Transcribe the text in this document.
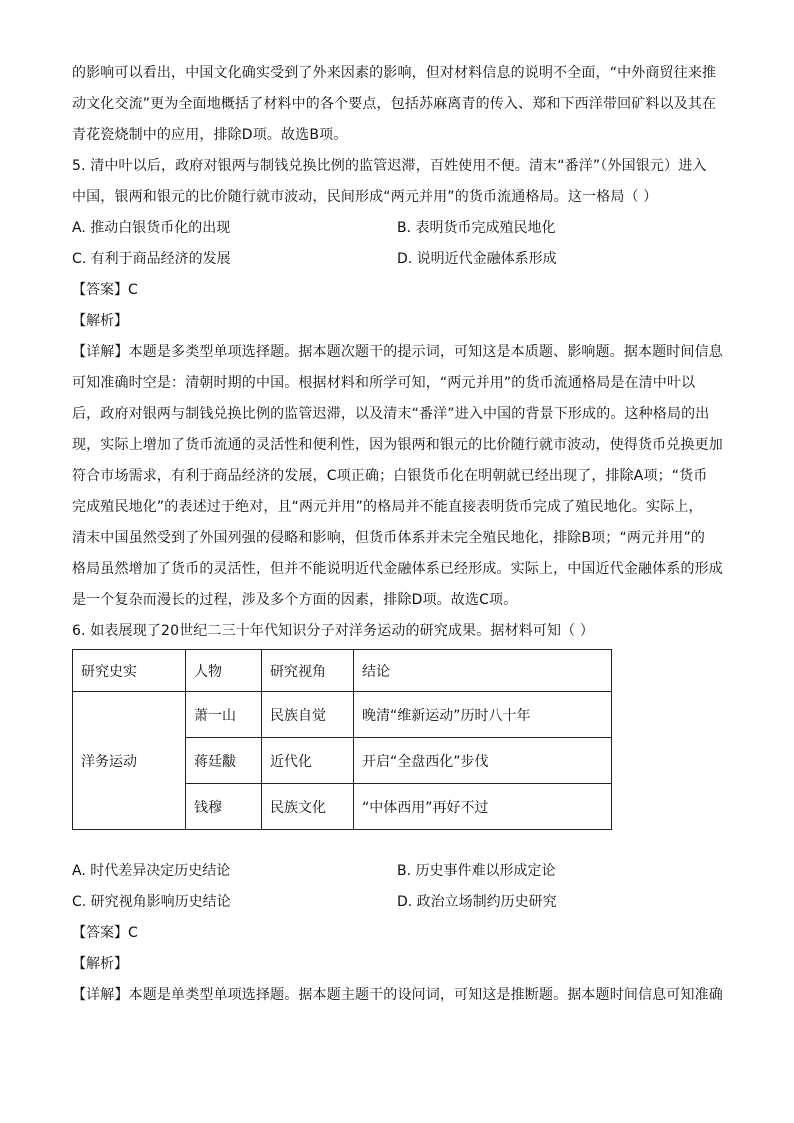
的影响可以看出，中国文化确实受到了外来因素的影响，但对材料信息的说明不全面，“中外商贸往来推
动文化交流”更为全面地概括了材料中的各个要点，包括苏麻离青的传入、郑和下西洋带回矿料以及其在
青花瓷烧制中的应用，排除D项。故选B项。
5. 清中叶以后，政府对银两与制钱兑换比例的监管迟滞，百姓使用不便。清末“番洋”（外国银元）进入
中国，银两和银元的比价随行就市波动，民间形成“两元并用”的货币流通格局。这一格局（ ）
A. 推动白银货币化的出现	B. 表明货币完成殖民地化
C. 有利于商品经济的发展	D. 说明近代金融体系形成
【答案】C
【解析】
【详解】本题是多类型单项选择题。据本题次题干的提示词，可知这是本质题、影响题。据本题时间信息
可知准确时空是：清朝时期的中国。根据材料和所学可知，“两元并用”的货币流通格局是在清中叶以
后，政府对银两与制钱兑换比例的监管迟滞，以及清末“番洋”进入中国的背景下形成的。这种格局的出
现，实际上增加了货币流通的灵活性和便利性，因为银两和银元的比价随行就市波动，使得货币兑换更加
符合市场需求，有利于商品经济的发展，C项正确；白银货币化在明朝就已经出现了，排除A项；“货币
完成殖民地化”的表述过于绝对，且“两元并用”的格局并不能直接表明货币完成了殖民地化。实际上，
清末中国虽然受到了外国列强的侵略和影响，但货币体系并未完全殖民地化，排除B项；“两元并用”的
格局虽然增加了货币的灵活性，但并不能说明近代金融体系已经形成。实际上，中国近代金融体系的形成
是一个复杂而漫长的过程，涉及多个方面的因素，排除D项。故选C项。
6. 如表展现了20世纪二三十年代知识分子对洋务运动的研究成果。据材料可知（ ）
研究史实	人物	研究视角	结论
洋务运动	萧一山	民族自觉	晚清“维新运动”历时八十年
	蒋廷黻	近代化	开启“全盘西化”步伐
	钱穆	民族文化	“中体西用”再好不过
A. 时代差异决定历史结论	B. 历史事件难以形成定论
C. 研究视角影响历史结论	D. 政治立场制约历史研究
【答案】C
【解析】
【详解】本题是单类型单项选择题。据本题主题干的设问词，可知这是推断题。据本题时间信息可知准确
